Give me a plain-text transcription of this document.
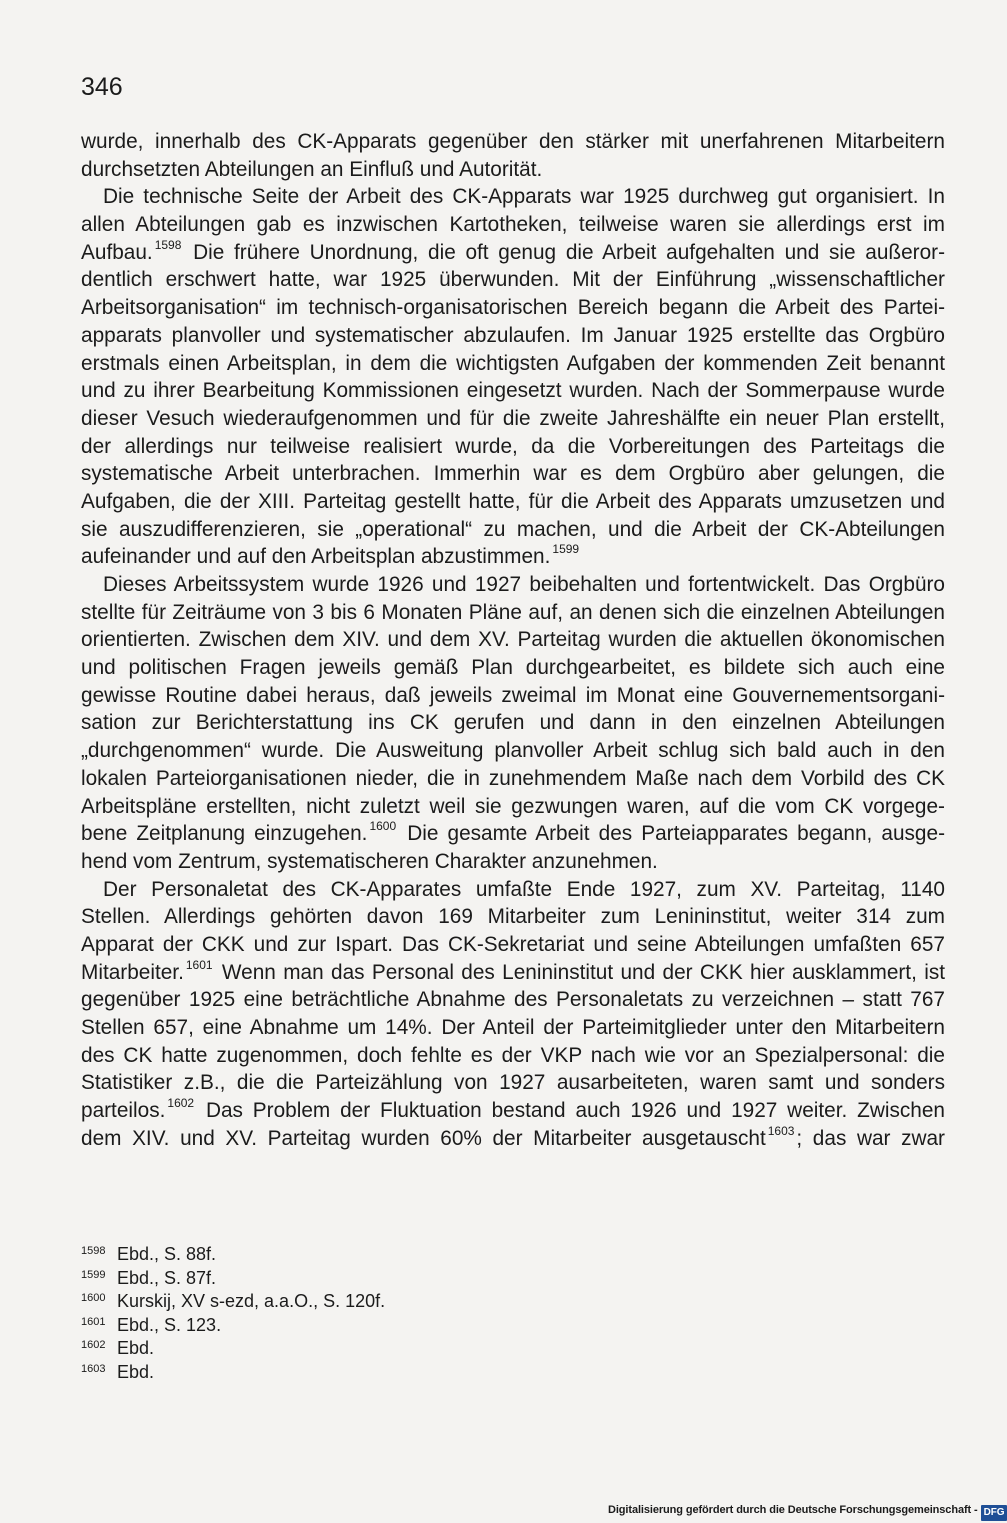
346
wurde, innerhalb des CK-Apparats gegenüber den stärker mit unerfahrenen Mitarbeitern
durchsetzten Abteilungen an Einfluß und Autorität.
Die technische Seite der Arbeit des CK-Apparats war 1925 durchweg gut organisiert. In
allen Abteilungen gab es inzwischen Kartotheken, teilweise waren sie allerdings erst im
Aufbau. $^{1598}$ Die frühere Unordnung, die oft genug die Arbeit aufgehalten und sie außeror-
dentlich erschwert hatte, war 1925 überwunden. Mit der Einführung „wissenschaftlicher
Arbeitsorganisation“ im technisch-organisatorischen Bereich begann die Arbeit des Partei-
apparats planvoller und systematischer abzulaufen. Im Januar 1925 erstellte das Orgbüro
erstmals einen Arbeitsplan, in dem die wichtigsten Aufgaben der kommenden Zeit benannt
und zu ihrer Bearbeitung Kommissionen eingesetzt wurden. Nach der Sommerpause wurde
dieser Vesuch wiederaufgenommen und für die zweite Jahreshälfte ein neuer Plan erstellt,
der allerdings nur teilweise realisiert wurde, da die Vorbereitungen des Parteitags die
systematische Arbeit unterbrachen. Immerhin war es dem Orgbüro aber gelungen, die
Aufgaben, die der XIII. Parteitag gestellt hatte, für die Arbeit des Apparats umzusetzen und
sie auszudifferenzieren, sie „operational“ zu machen, und die Arbeit der CK-Abteilungen
aufeinander und auf den Arbeitsplan abzustimmen. $^{1599}$
Dieses Arbeitssystem wurde 1926 und 1927 beibehalten und fortentwickelt. Das Orgbüro
stellte für Zeiträume von 3 bis 6 Monaten Pläne auf, an denen sich die einzelnen Abteilungen
orientierten. Zwischen dem XIV. und dem XV. Parteitag wurden die aktuellen ökonomischen
und politischen Fragen jeweils gemäß Plan durchgearbeitet, es bildete sich auch eine
gewisse Routine dabei heraus, daß jeweils zweimal im Monat eine Gouvernementsorgani-
sation zur Berichterstattung ins CK gerufen und dann in den einzelnen Abteilungen
„durchgenommen“ wurde. Die Ausweitung planvoller Arbeit schlug sich bald auch in den
lokalen Parteiorganisationen nieder, die in zunehmendem Maße nach dem Vorbild des CK
Arbeitspläne erstellten, nicht zuletzt weil sie gezwungen waren, auf die vom CK vorgege-
bene Zeitplanung einzugehen. $^{1600}$ Die gesamte Arbeit des Parteiapparates begann, ausge-
hend vom Zentrum, systematischeren Charakter anzunehmen.
Der Personaletat des CK-Apparates umfaßte Ende 1927, zum XV. Parteitag, 1140
Stellen. Allerdings gehörten davon 169 Mitarbeiter zum Lenininstitut, weiter 314 zum
Apparat der CKK und zur Ispart. Das CK-Sekretariat und seine Abteilungen umfaßten 657
Mitarbeiter. $^{1601}$ Wenn man das Personal des Lenininstitut und der CKK hier ausklammert, ist
gegenüber 1925 eine beträchtliche Abnahme des Personaletats zu verzeichnen – statt 767
Stellen 657, eine Abnahme um 14%. Der Anteil der Parteimitglieder unter den Mitarbeitern
des CK hatte zugenommen, doch fehlte es der VKP nach wie vor an Spezialpersonal: die
Statistiker z.B., die die Parteizählung von 1927 ausarbeiteten, waren samt und sonders
parteilos. $^{1602}$ Das Problem der Fluktuation bestand auch 1926 und 1927 weiter. Zwischen
dem XIV. und XV. Parteitag wurden 60% der Mitarbeiter ausgetauscht $^{1603}$; das war zwar
1598 Ebd., S. 88f.
1599 Ebd., S. 87f.
1600 Kurskij, XV s-ezd, a.a.O., S. 120f.
1601 Ebd., S. 123.
1602 Ebd.
1603 Ebd.
Digitalisierung gefördert durch die Deutsche Forschungsgemeinschaft - DFG
